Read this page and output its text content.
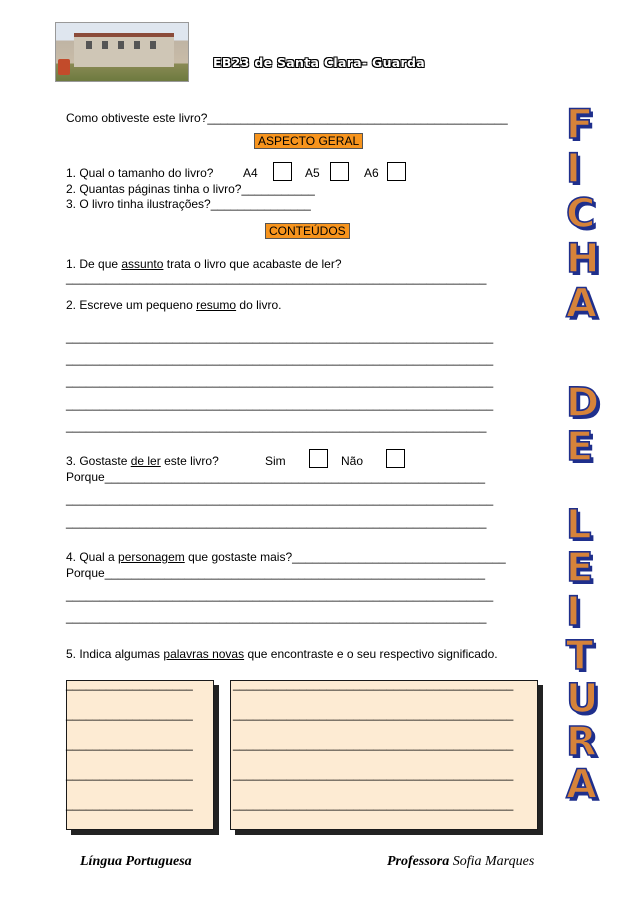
EB23 de Santa Clara- Guarda
Como obtiveste este livro?_____________________________________________
ASPECTO GERAL
1. Qual o tamanho do livro? A4	A5	A6
2. Quantas páginas tinha o livro?___________
3. O livro tinha ilustrações?_______________
CONTEÚDOS
1. De que assunto trata o livro que acabaste de ler?
_______________________________________________________________
2. Escreve um pequeno resumo do livro.
________________________________________________________________
________________________________________________________________
________________________________________________________________
________________________________________________________________
_______________________________________________________________
3. Gostaste de ler este livro?	Sim	Não
Porque_________________________________________________________
________________________________________________________________
_______________________________________________________________
4. Qual a personagem que gostaste mais?________________________________
Porque_________________________________________________________
________________________________________________________________
_______________________________________________________________
5. Indica algumas palavras novas que encontraste e o seu respectivo significado.
___________________
___________________
___________________
___________________
___________________
__________________________________________
__________________________________________
__________________________________________
__________________________________________
__________________________________________
F
I
C
H
A
D
E
L
E
I
T
U
R
A
Língua Portuguesa	Professora Sofia Marques
